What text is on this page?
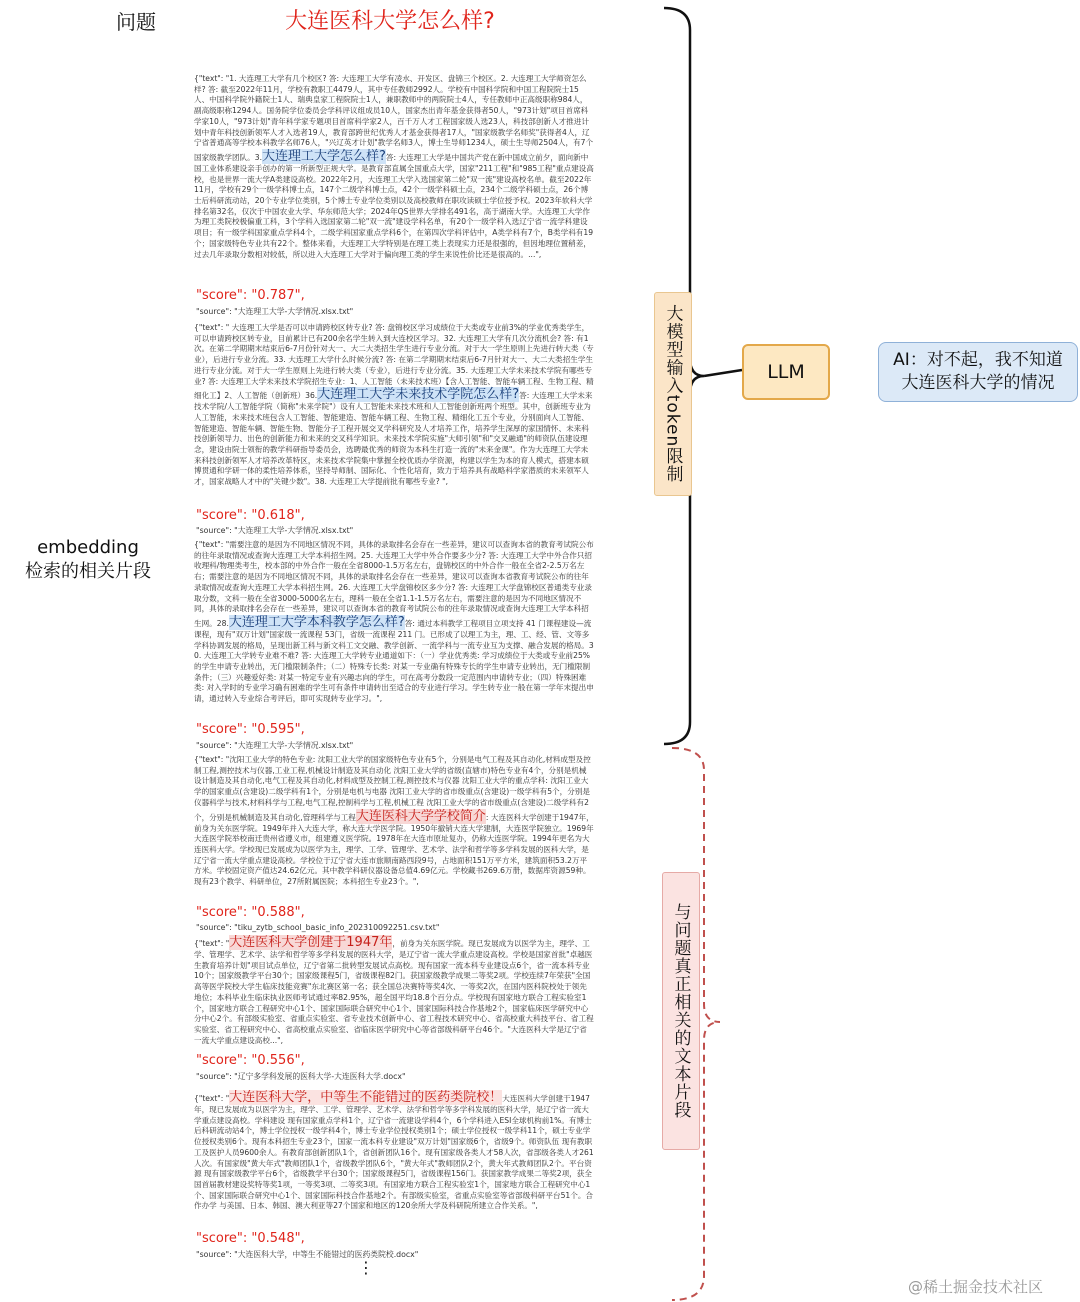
问题	大连医科大学怎么样?
embedding
检索的相关片段
{"text": "1. 大连理工大学有几个校区? 答: 大连理工大学有凌水、开发区、盘锦三个校区。2. 大连理工大学师资怎么样? 答: 截至2022年11月，学校有教职工4479人，其中专任教师2992人。学校有中国科学院和中国工程院院士15人、中国科学院外籍院士1人、瑞典皇家工程院院士1人，兼职教师中的两院院士4人，专任教师中正高级职称984人，副高级职称1294人。国务院学位委员会学科评议组成员10人，国家杰出青年基金获得者50人，"973计划"项目首席科学家10人，"973计划"青年科学家专题项目首席科学家2人，百千万人才工程国家级人选23人，科技部创新人才推进计划中青年科技创新领军人才入选者19人，教育部跨世纪优秀人才基金获得者17人，"国家级教学名师奖"获得者4人，辽宁省普通高等学校本科教学名师76人，"兴辽英才计划"教学名师3人，博士生导师1234人，硕士生导师2504人，有7个国家级教学团队。3.大连理工大学怎么样?答: 大连理工大学是中国共产党在新中国成立前夕，面向新中国工业体系建设亲手创办的第一所新型正规大学。是教育部直属全国重点大学，国家"211工程"和"985工程"重点建设高校，也是世界一流大学A类建设高校。2022年2月，大连理工大学入选国家第二轮"双一流"建设高校名单。截至2022年11月，学校有29个一级学科博士点，147个二级学科博士点，42个一级学科硕士点，234个二级学科硕士点，26个博士后科研流动站，20个专业学位类别，5个博士专业学位类别以及高校教师在职攻读硕士学位授予权。2023年软科大学排名第32名，仅次于中国农业大学、华东师范大学；2024年QS世界大学排名491名，高于湖南大学。大连理工大学作为理工类院校极偏重工科，3个学科入选国家第二轮"双一流"建设学科名单，有20个一级学科入选辽宁省一流学科建设项目；有一级学科国家重点学科4个，二级学科国家重点学科6个，在第四次学科评估中，A类学科有7个，B类学科有19个；国家级特色专业共有22个。整体来看，大连理工大学特别是在理工类上表现实力还是很强的，但因地理位置稍差，过去几年录取分数相对较低，所以进入大连理工大学对于偏向理工类的学生来说性价比还是很高的。...",
"score": "0.787",
"source": "大连理工大学-大学情况.xlsx.txt"
{"text": " 大连理工大学是否可以申请跨校区转专业? 答: 盘锦校区学习成绩位于大类或专业前3%的学业优秀类学生，可以申请跨校区转专业，目前累计已有200余名学生转入到大连校区学习。32. 大连理工大学有几次分流机会? 答: 有1次。在第二学期期末结束后6-7月份针对大一、大二大类招生学生进行专业分流。对于大一学生原则上先进行转大类（专业），后进行专业分流。33. 大连理工大学什么时候分流? 答: 在第二学期期末结束后6-7月针对大一、大二大类招生学生进行专业分流。对于大一学生原则上先进行转大类（专业），后进行专业分流。35. 大连理工大学未来技术学院有哪些专业? 答: 大连理工大学未来技术学院招生专业：1、人工智能（未来技术班）【含人工智能、智能车辆工程、生物工程、精细化工】2、人工智能（创新班）36.大连理工大学未来技术学院怎么样?答: 大连理工大学未来技术学院/人工智能学院（简称"未来学院"）设有人工智能未来技术班和人工智能创新班两个班型。其中，创新班专业为人工智能，未来技术班包含人工智能、智能建造、智能车辆工程、生物工程、精细化工五个专业，分别面向人工智能、智能建造、智能车辆、智能生物、智能分子工程开展交叉学科研究及人才培养工作，培养学生深厚的家国情怀、未来科技创新领导力、出色的创新能力和未来的交叉科学知识。未来技术学院实施"大师引领"和"交叉融通"的师资队伍建设理念，建设由院士领衔的教学科研指导委员会，选聘最优秀的师资为本科生打造一流的"未来金课"。作为大连理工大学未来科技创新领军人才培养改革特区，未来技术学院集中掌握全校优质办学资源，构建以学生为本的育人模式，搭建本硕博贯通和学研一体的柔性培养体系，坚持导师制、国际化、个性化培育，致力于培养具有战略科学家潜质的未来领军人才，国家战略人才中的"关键少数"。38. 大连理工大学提前批有哪些专业? ",
"score": "0.618",
"source": "大连理工大学-大学情况.xlsx.txt"
{"text": "需要注意的是因为不同地区情况不同，具体的录取排名会存在一些差异，建议可以查询本省的教育考试院公布的往年录取情况或查询大连理工大学本科招生网。25. 大连理工大学中外合作要多少分? 答: 大连理工大学中外合作只招收理科/物理类考生，校本部的中外合作一般在全省8000-1.5万名左右，盘锦校区的中外合作一般在全省2-2.5万名左右；需要注意的是因为不同地区情况不同，具体的录取排名会存在一些差异，建议可以查询本省教育考试院公布的往年录取情况或查询大连理工大学本科招生网。26. 大连理工大学盘锦校区多少分? 答: 大连理工大学盘锦校区普通类专业录取分数，文科一般在全省3000-5000名左右，理科一般在全省1.1-1.5万名左右，需要注意的是因为不同地区情况不同，具体的录取排名会存在一些差异，建议可以查询本省的教育考试院公布的往年录取情况或查询大连理工大学本科招生网。28.大连理工大学本科教学怎么样?答: 通过本科教学工程项目立项支持 41 门课程建设—流课程，现有"双万计划"国家级一流课程 53门，省级一流课程 211 门。已形成了以理工为主，理、工、经、管、文等多学科协调发展的格局，呈现出新工科与新文科工文交融、教学创新、一流学科与一流专业互为支撑、融合发展的格局。30. 大连理工大学转专业难不难? 答: 大连理工大学转专业通道如下：（一）学业优秀类: 学习成绩位于大类或专业前25%的学生申请专业转出，无门槛限制条件；（二）特殊专长类: 对某一专业确有特殊专长的学生申请专业转出，无门槛限制条件；（三）兴趣爱好类: 对某一特定专业有兴趣志向的学生，可在高考分数段一定范围内申请转专业；（四）特殊困难类: 对入学时的专业学习确有困难的学生可有条件申请转出至适合的专业进行学习。学生转专业一般在第一学年末提出申请，通过转入专业综合考评后，即可实现转专业学习。",
"score": "0.595",
"source": "大连理工大学-大学情况.xlsx.txt"
{"text": "沈阳工业大学的特色专业: 沈阳工业大学的国家级特色专业有5个，分别是电气工程及其自动化,材料成型及控制工程,测控技术与仪器,工业工程,机械设计制造及其自动化 沈阳工业大学的省级(直辖市)特色专业有4个，分别是机械设计制造及其自动化,电气工程及其自动化,材料成型及控制工程,测控技术与仪器 沈阳工业大学的重点学科: 沈阳工业大学的国家重点(含建设)二级学科有1个，分别是电机与电器 沈阳工业大学的省市级重点(含建设)一级学科有5个，分别是仪器科学与技术,材料科学与工程,电气工程,控制科学与工程,机械工程 沈阳工业大学的省市级重点(含建设)二级学科有2个，分别是机械制造及其自动化,管理科学与工程大连医科大学学校简介: 大连医科大学创建于1947年，前身为关东医学院。1949年并入大连大学，称大连大学医学院。1950年撤销大连大学建制，大连医学院独立。1969年大连医学院举校南迁贵州省遵义市，组建遵义医学院。1978年在大连市原址复办，仍称大连医学院。1994年更名为大连医科大学。学校现已发展成为以医学为主，理学、工学、管理学、艺术学、法学和哲学等多学科发展的医科大学，是辽宁省一流大学重点建设高校。学校位于辽宁省大连市旅顺南路西段9号，占地面积151万平方米，建筑面积53.2万平方米。学校固定资产值达24.62亿元。其中教学科研仪器设备总值4.69亿元。学校藏书269.6万册，数据库资源59种。现有23个教学、科研单位，27所附属医院；本科招生专业23个。",
"score": "0.588",
"source": "tiku_zytb_school_basic_info_20231009225​1.csv.txt"
{"text": "大连医科大学创建于1947年，前身为关东医学院。现已发展成为以医学为主，理学、工学、管理学、艺术学、法学和哲学等多学科发展的医科大学，是辽宁省一流大学重点建设高校。学校是国家首批"卓越医生教育培养计划"项目试点单位，辽宁省第二批转型发展试点高校。现有国家一流本科专业建设点6个，省一流本科专业10个；国家级教学平台30个；国家级课程5门，省级课程82门。获国家级教学成果二等奖2项。学校连续7年荣获"全国高等医学院校大学生临床技能竞赛"东北赛区第一名；获全国总决赛特等奖4次、一等奖2次，在国内医科院校处于领先地位；本科毕业生临床执业医师考试通过率82.95%，超全国平均18.8个百分点。学校现有国家地方联合工程实验室1个，国家地方联合工程研究中心1个、国家国际联合研究中心1个、国家国际科技合作基地2个，国家临床医学研究中心分中心2个。有部级实验室、省重点实验室、省专业技术创新中心、省工程技术研究中心、省高校重大科技平台、省工程实验室、省工程研究中心、省高校重点实验室、省临床医学研究中心等省部级科研平台46个。"大连医科大学是辽宁省一流大学重点建设高校...",
"score": "0.556",
"source": "辽宁多学科发展的医科大学-大连医科大学.docx"
{"text": "大连医科大学，中等生不能错过的医药类院校！大连医科大学创建于1947年，现已发展成为以医学为主，理学、工学、管理学、艺术学、法学和哲学等多学科发展的医科大学，是辽宁省一流大学重点建设高校。学科建设 现有国家重点学科1个，辽宁省一流建设学科4个，6个学科进入ESI全球机构前1%。有博士后科研流动站4个，博士学位授权一级学科4个，博士专业学位授权类别1个；硕士学位授权一级学科11个，硕士专业学位授权类别6个。现有本科招生专业23个，国家一流本科专业建设"双万计划"国家级6个，省级9个。师资队伍 现有教职工及医护人员9600余人。有教育部创新团队1个，省创新团队16个。现有国家级各类人才58人次，省部级各类人才261人次。有国家级"黄大年式"教师团队1个，省级教学团队6个，"黄大年式"教师团队2个，黄大年式教师团队2个。平台资源 现有国家级教学平台6个，省级教学平台30个；国家级课程5门，省级课程156门。获国家教学成果二等奖2项，获全国首届教材建设奖特等奖1项，一等奖3项、二等奖3项。有国家地方联合工程实验室1个，国家地方联合工程研究中心1个、国家国际联合研究中心1个、国家国际科技合作基地2个。有部级实验室，省重点实验室等省部级科研平台51个。合作办学 与美国、日本、韩国、澳大利亚等27个国家和地区的120余所大学及科研院所建立合作关系。",
"score": "0.548",
"source": "大连医科大学，中等生不能错过的医药类院校.docx"
⋮
大模型输入token限制
与问题真正相关的文本片段
LLM
AI：对不起，我不知道
大连医科大学的情况
@稀土掘金技术社区
